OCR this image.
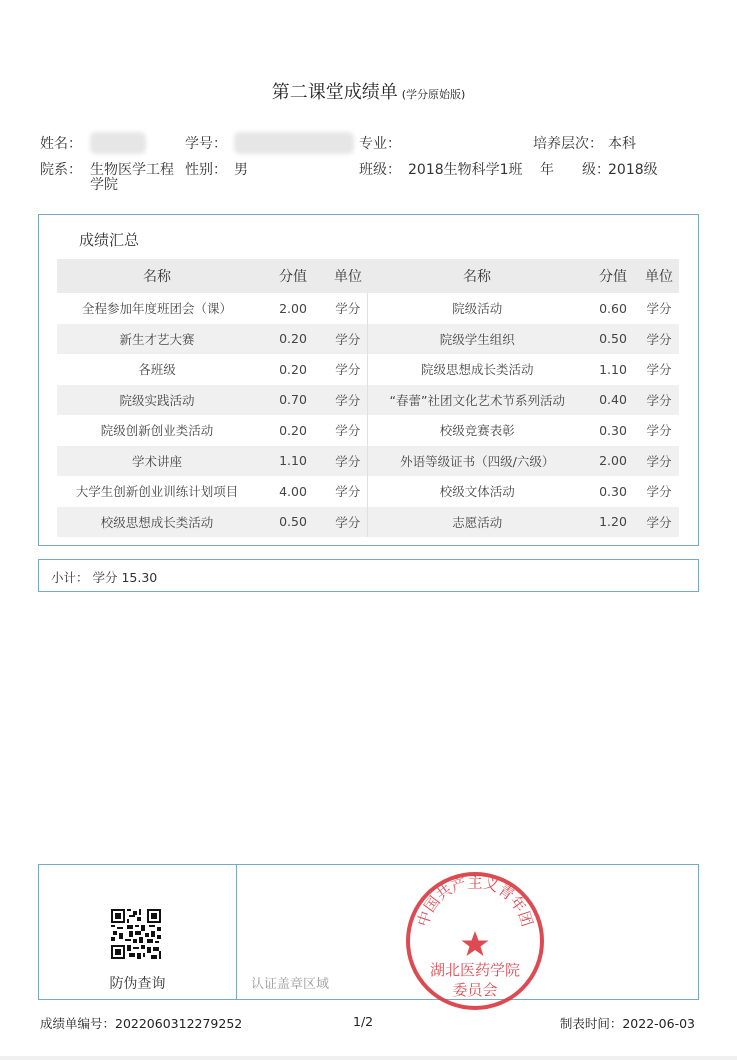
第二课堂成绩单 (学分原始版)
姓名：	学号：	专业：	培养层次： 本科
院系： 生物医学工程
学院
性别： 男	班级： 2018生物科学1班 年　　级：
2018级
成绩汇总
名称	分值	单位	名称	分值	单位
全程参加年度班团会（课）	2.00	学分	院级活动	0.60	学分
新生才艺大赛	0.20	学分	院级学生组织	0.50	学分
各班级	0.20	学分	院级思想成长类活动	1.10	学分
院级实践活动	0.70	学分	“春蕾”社团文化艺术节系列活动	0.40	学分
院级创新创业类活动	0.20	学分	校级竞赛表彰	0.30	学分
学术讲座	1.10	学分	外语等级证书（四级/六级）	2.00	学分
大学生创新创业训练计划项目	4.00	学分	校级文体活动	0.30	学分
校级思想成长类活动	0.50	学分	志愿活动	1.20	学分
小计： 学分 15.30
防伪查询	认证盖章区域
中国共产主义青年团
湖北医药学院
委员会
成绩单编号：2022060312279252	1/2	制表时间：2022-06-03
